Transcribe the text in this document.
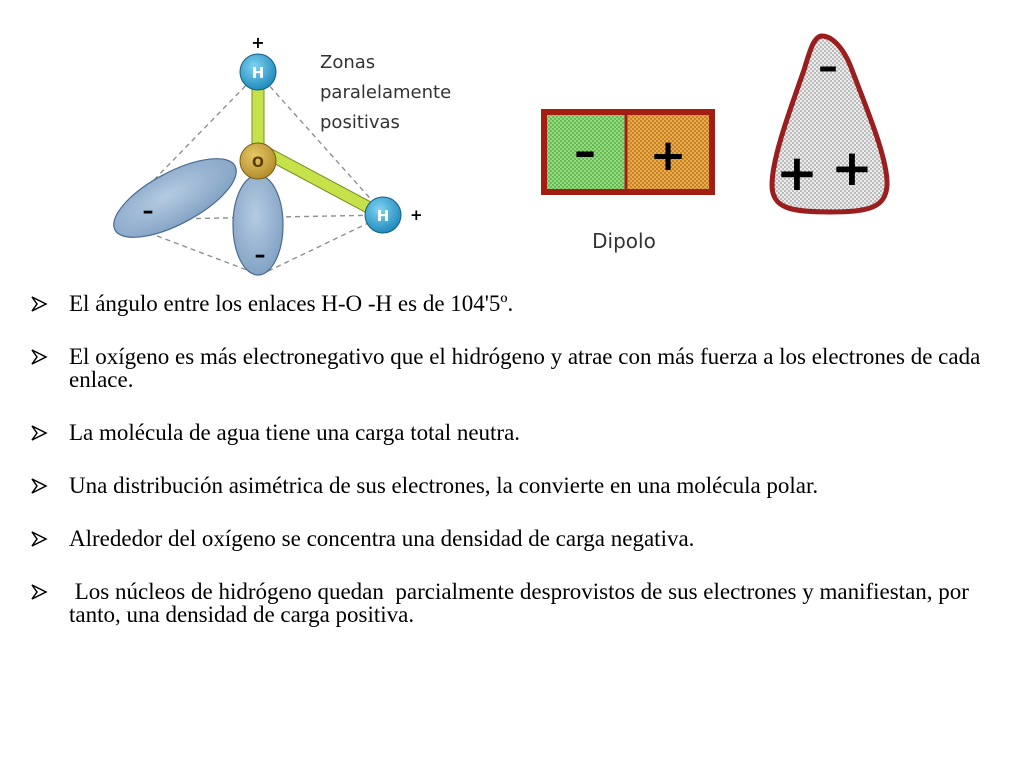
+
H
O
H +
–
–
Zonas
paralelamente
positivas
– +
Dipolo
–
+ +
El ángulo entre los enlaces H-O -H es de 104'5º.
El oxígeno es más electronegativo que el hidrógeno y atrae con más fuerza a los electrones de cada enlace.
La molécula de agua tiene una carga total neutra.
Una distribución asimétrica de sus electrones, la convierte en una molécula polar.
Alrededor del oxígeno se concentra una densidad de carga negativa.
Los núcleos de hidrógeno quedan  parcialmente desprovistos de sus electrones y manifiestan, por tanto, una densidad de carga positiva.
